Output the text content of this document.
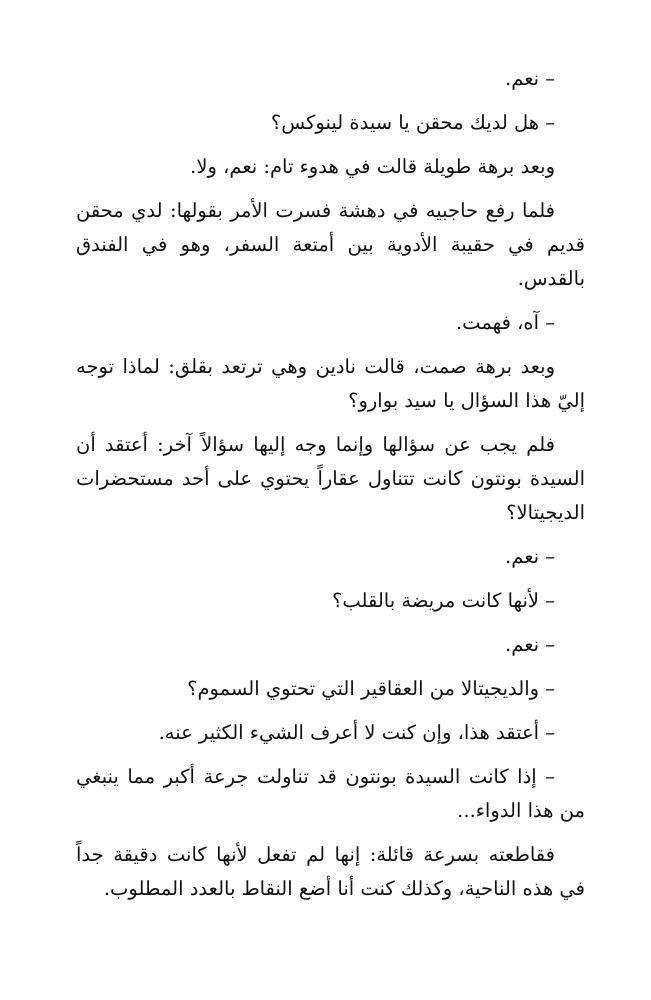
– نعم.

– هل لديك محقن يا سيدة لينوكس؟

وبعد برهة طويلة قالت في هدوء تام: نعم، ولا.

فلما رفع حاجبيه في دهشة فسرت الأمر بقولها: لدي محقن قديم في حقيبة الأدوية بين أمتعة السفر، وهو في الفندق بالقدس.

– آه، فهمت.

وبعد برهة صمت، قالت نادين وهي ترتعد بقلق: لماذا توجه إليّ هذا السؤال يا سيد بوارو؟

فلم يجب عن سؤالها وإنما وجه إليها سؤالاً آخر: أعتقد أن السيدة بونتون كانت تتناول عقاراً يحتوي على أحد مستحضرات الديجيتالا؟

– نعم.

– لأنها كانت مريضة بالقلب؟

– نعم.

– والديجيتالا من العقاقير التي تحتوي السموم؟

– أعتقد هذا، وإن كنت لا أعرف الشيء الكثير عنه.

– إذا كانت السيدة بونتون قد تناولت جرعة أكبر مما ينبغي من هذا الدواء...

فقاطعته بسرعة قائلة: إنها لم تفعل لأنها كانت دقيقة جداً في هذه الناحية، وكذلك كنت أنا أضع النقاط بالعدد المطلوب.
